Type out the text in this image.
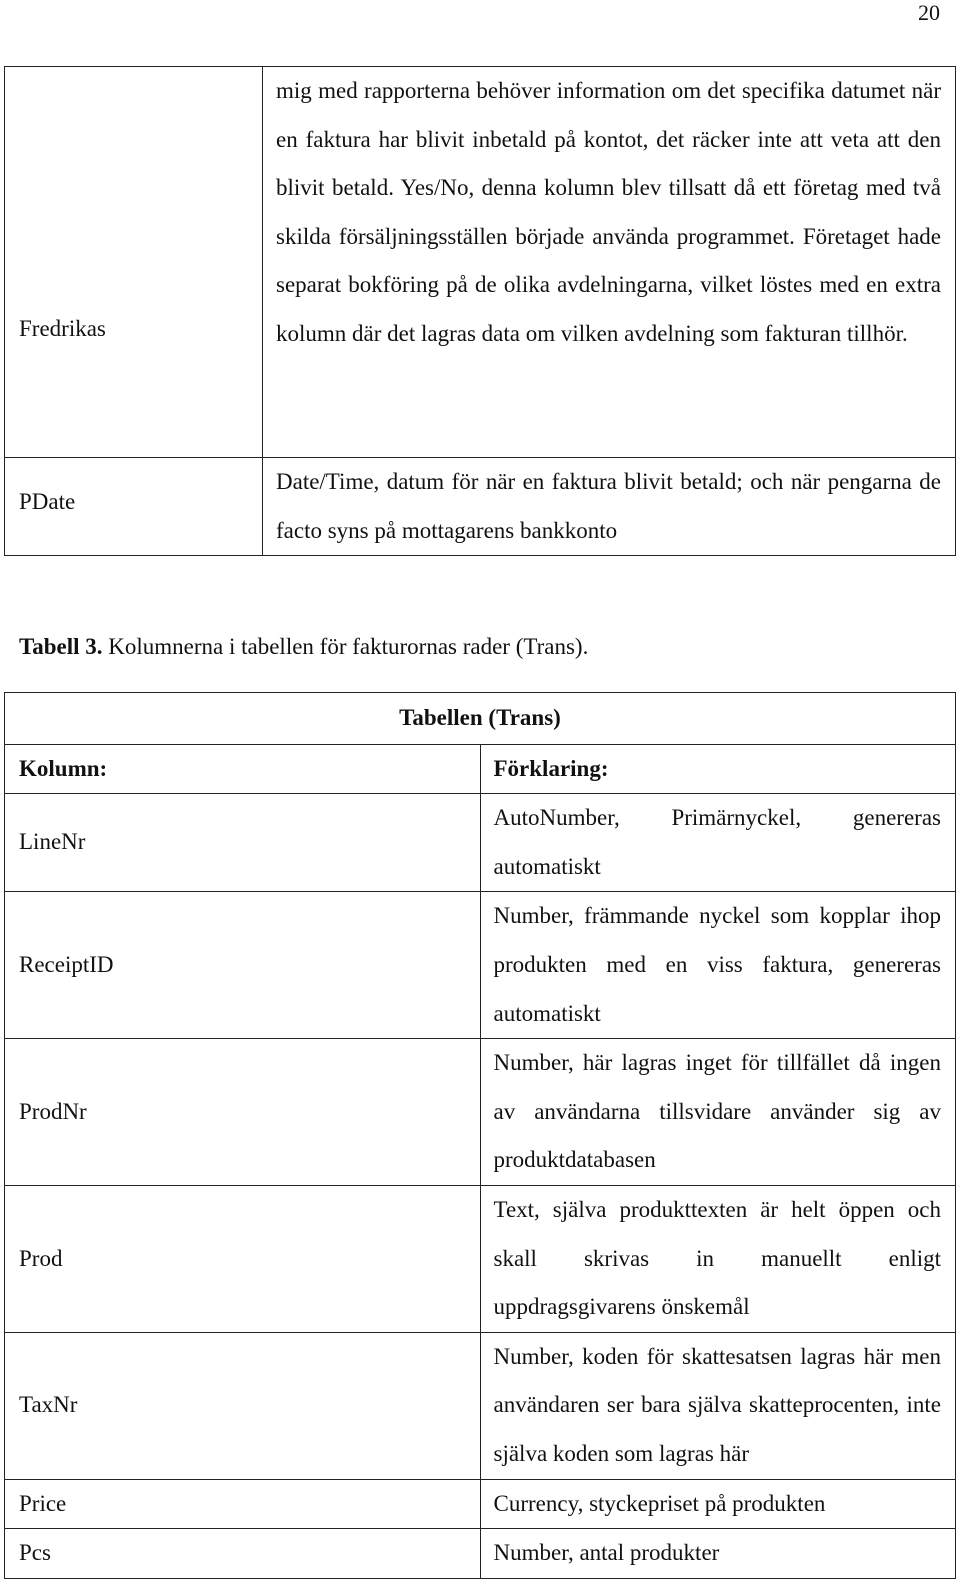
20
Fredrikas	mig med rapporterna behöver information om det specifika datumet när en faktura har blivit inbetald på kontot, det räcker inte att veta att den blivit betald. Yes/No, denna kolumn blev tillsatt då ett företag med två skilda försäljningsställen började använda programmet. Företaget hade separat bokföring på de olika avdelningarna, vilket löstes med en extra kolumn där det lagras data om vilken avdelning som fakturan tillhör.
PDate	Date/Time, datum för när en faktura blivit betald; och när pengarna de facto syns på mottagarens bankkonto
Tabell 3. Kolumnerna i tabellen för fakturornas rader (Trans).
Tabellen (Trans)	
Kolumn:	Förklaring:
LineNr	AutoNumber, Primärnyckel, genereras automatiskt
ReceiptID	Number, främmande nyckel som kopplar ihop produkten med en viss faktura, genereras automatiskt
ProdNr	Number, här lagras inget för tillfället då ingen av användarna tillsvidare använder sig av produktdatabasen
Prod	Text, själva produkttexten är helt öppen och skall skrivas in manuellt enligt uppdragsgivarens önskemål
TaxNr	Number, koden för skattesatsen lagras här men användaren ser bara själva skatteprocenten, inte själva koden som lagras här
Price	Currency, styckepriset på produkten
Pcs	Number, antal produkter
